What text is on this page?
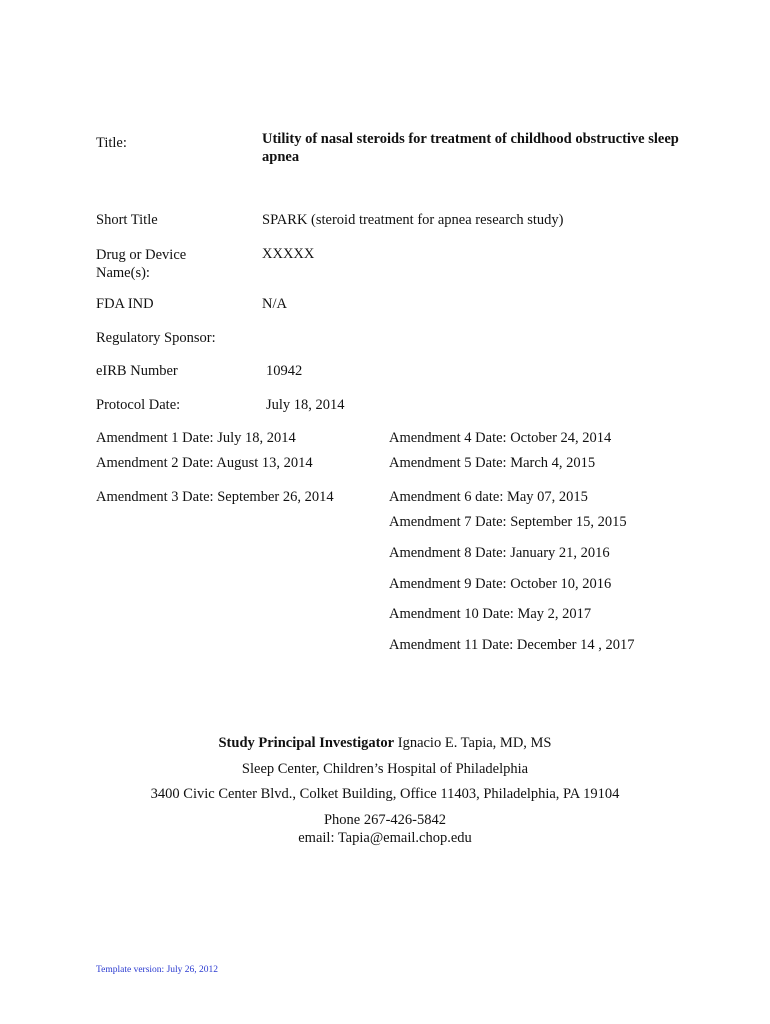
Title:	Utility of nasal steroids for treatment of childhood obstructive sleep apnea
Short Title	SPARK (steroid treatment for apnea research study)
Drug or Device Name(s):
XXXXX
FDA IND	N/A
Regulatory Sponsor:
eIRB Number	10942
Protocol Date:	July 18, 2014
Amendment 1 Date: July 18, 2014
Amendment 2 Date: August 13, 2014
Amendment 3 Date: September 26, 2014
Amendment 4 Date: October 24, 2014
Amendment 5 Date: March 4, 2015
Amendment 6 date: May 07, 2015
Amendment 7 Date: September 15, 2015
Amendment 8 Date: January 21, 2016
Amendment 9 Date: October 10, 2016
Amendment 10 Date: May 2, 2017
Amendment 11 Date: December 14 , 2017
Study Principal Investigator Ignacio E. Tapia, MD, MS
Sleep Center, Children’s Hospital of Philadelphia
3400 Civic Center Blvd., Colket Building, Office 11403, Philadelphia, PA 19104
Phone 267-426-5842
email: Tapia@email.chop.edu
Template version: July 26, 2012
